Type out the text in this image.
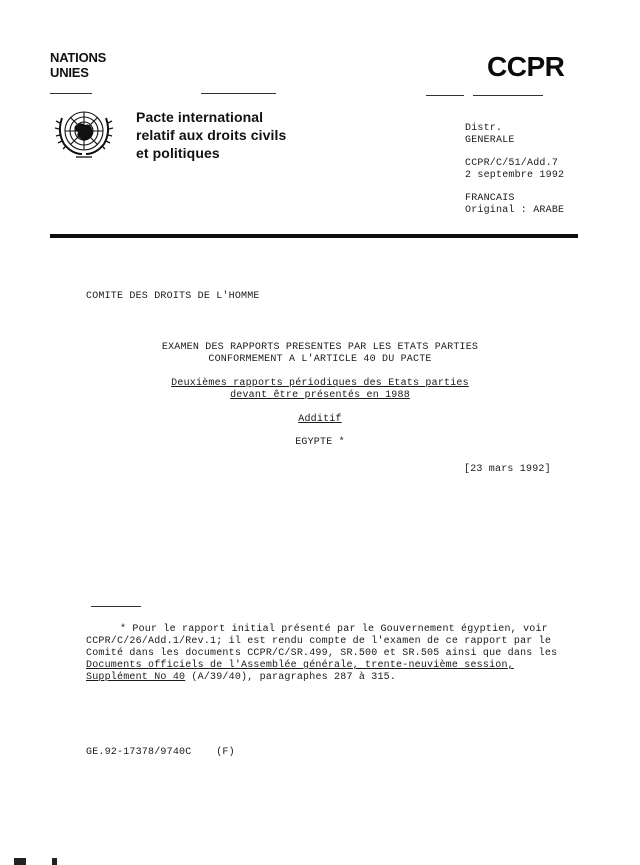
NATIONS
UNIES	CCPR
Pacte international
relatif aux droits civils
et politiques
Distr.
GENERALE
CCPR/C/51/Add.7
2 septembre 1992
FRANCAIS
Original : ARABE
COMITE DES DROITS DE L'HOMME
EXAMEN DES RAPPORTS PRESENTES PAR LES ETATS PARTIES
CONFORMEMENT A L'ARTICLE 40 DU PACTE
Deuxièmes rapports périodiques des Etats parties
devant être présentés en 1988
Additif
EGYPTE *
[23 mars 1992]

* Pour le rapport initial présenté par le Gouvernement égyptien, voir

CCPR/C/26/Add.1/Rev.1; il est rendu compte de l'examen de ce rapport par le

Comité dans les documents CCPR/C/SR.499, SR.500 et SR.505 ainsi que dans les

Documents officiels de l'Assemblée générale, trente-neuvième session,

Supplément No 40 (A/39/40), paragraphes 287 à 315.

GE.92-17378/9740C    (F)
